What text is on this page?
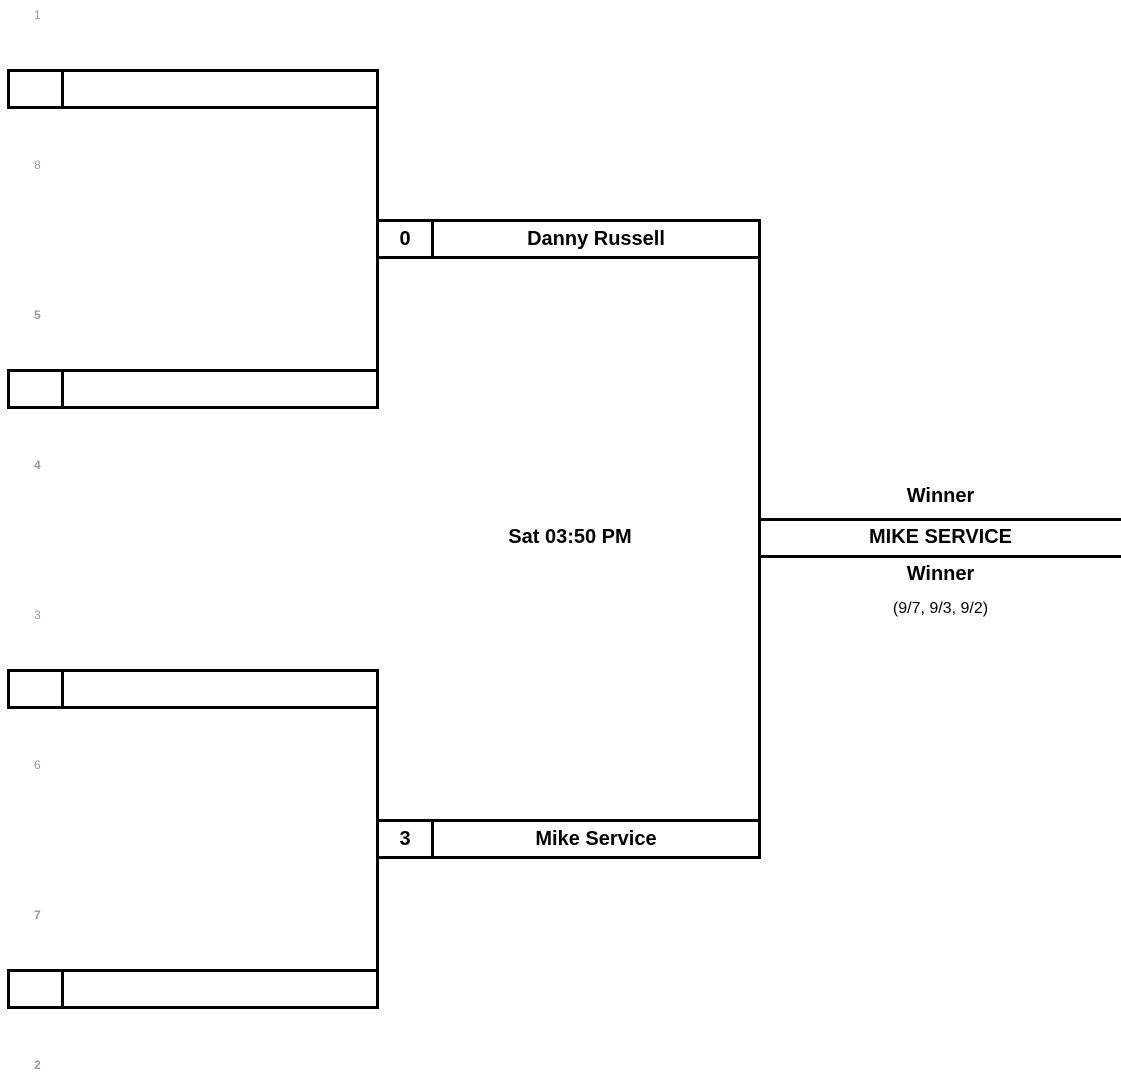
1
8
5
4
3
6
7
2
0	Danny Russell
3	Mike Service
Sat 03:50 PM
Winner
MIKE SERVICE
Winner
(9/7, 9/3, 9/2)
